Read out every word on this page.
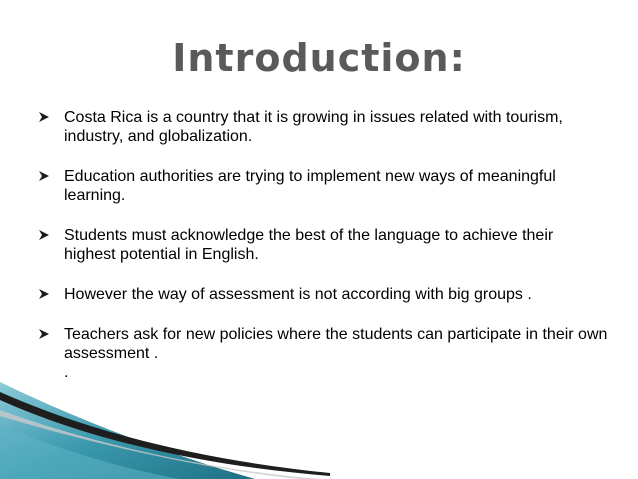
Introduction:
Costa Rica is a country that it is growing in issues related with tourism, industry, and globalization.
Education authorities are trying to implement new ways of meaningful learning.
Students must acknowledge the best of the language to achieve their highest potential in English.
However the way of assessment is not according with big groups .
Teachers ask for new policies where the students can participate in their own assessment .
.
